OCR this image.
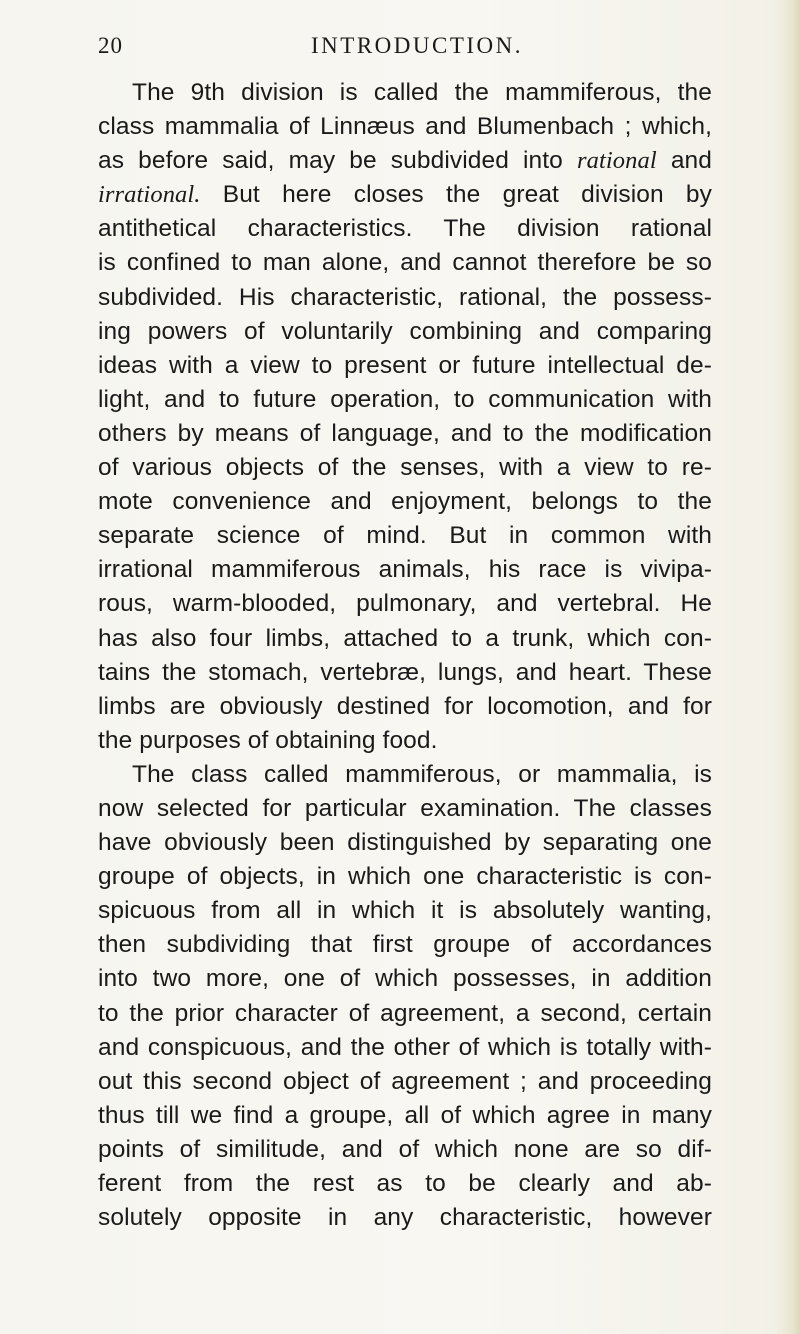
20	INTRODUCTION.
The 9th division is called the mammiferous, the
class mammalia of Linnæus and Blumenbach ; which,
as before said, may be subdivided into rational and
irrational. But here closes the great division by
antithetical characteristics. The division rational
is confined to man alone, and cannot therefore be so
subdivided. His characteristic, rational, the possess-
ing powers of voluntarily combining and comparing
ideas with a view to present or future intellectual de-
light, and to future operation, to communication with
others by means of language, and to the modification
of various objects of the senses, with a view to re-
mote convenience and enjoyment, belongs to the
separate science of mind. But in common with
irrational mammiferous animals, his race is vivipa-
rous, warm-blooded, pulmonary, and vertebral. He
has also four limbs, attached to a trunk, which con-
tains the stomach, vertebræ, lungs, and heart. These
limbs are obviously destined for locomotion, and for
the purposes of obtaining food.
The class called mammiferous, or mammalia, is
now selected for particular examination. The classes
have obviously been distinguished by separating one
groupe of objects, in which one characteristic is con-
spicuous from all in which it is absolutely wanting,
then subdividing that first groupe of accordances
into two more, one of which possesses, in addition
to the prior character of agreement, a second, certain
and conspicuous, and the other of which is totally with-
out this second object of agreement ; and proceeding
thus till we find a groupe, all of which agree in many
points of similitude, and of which none are so dif-
ferent from the rest as to be clearly and ab-
solutely opposite in any characteristic, however
